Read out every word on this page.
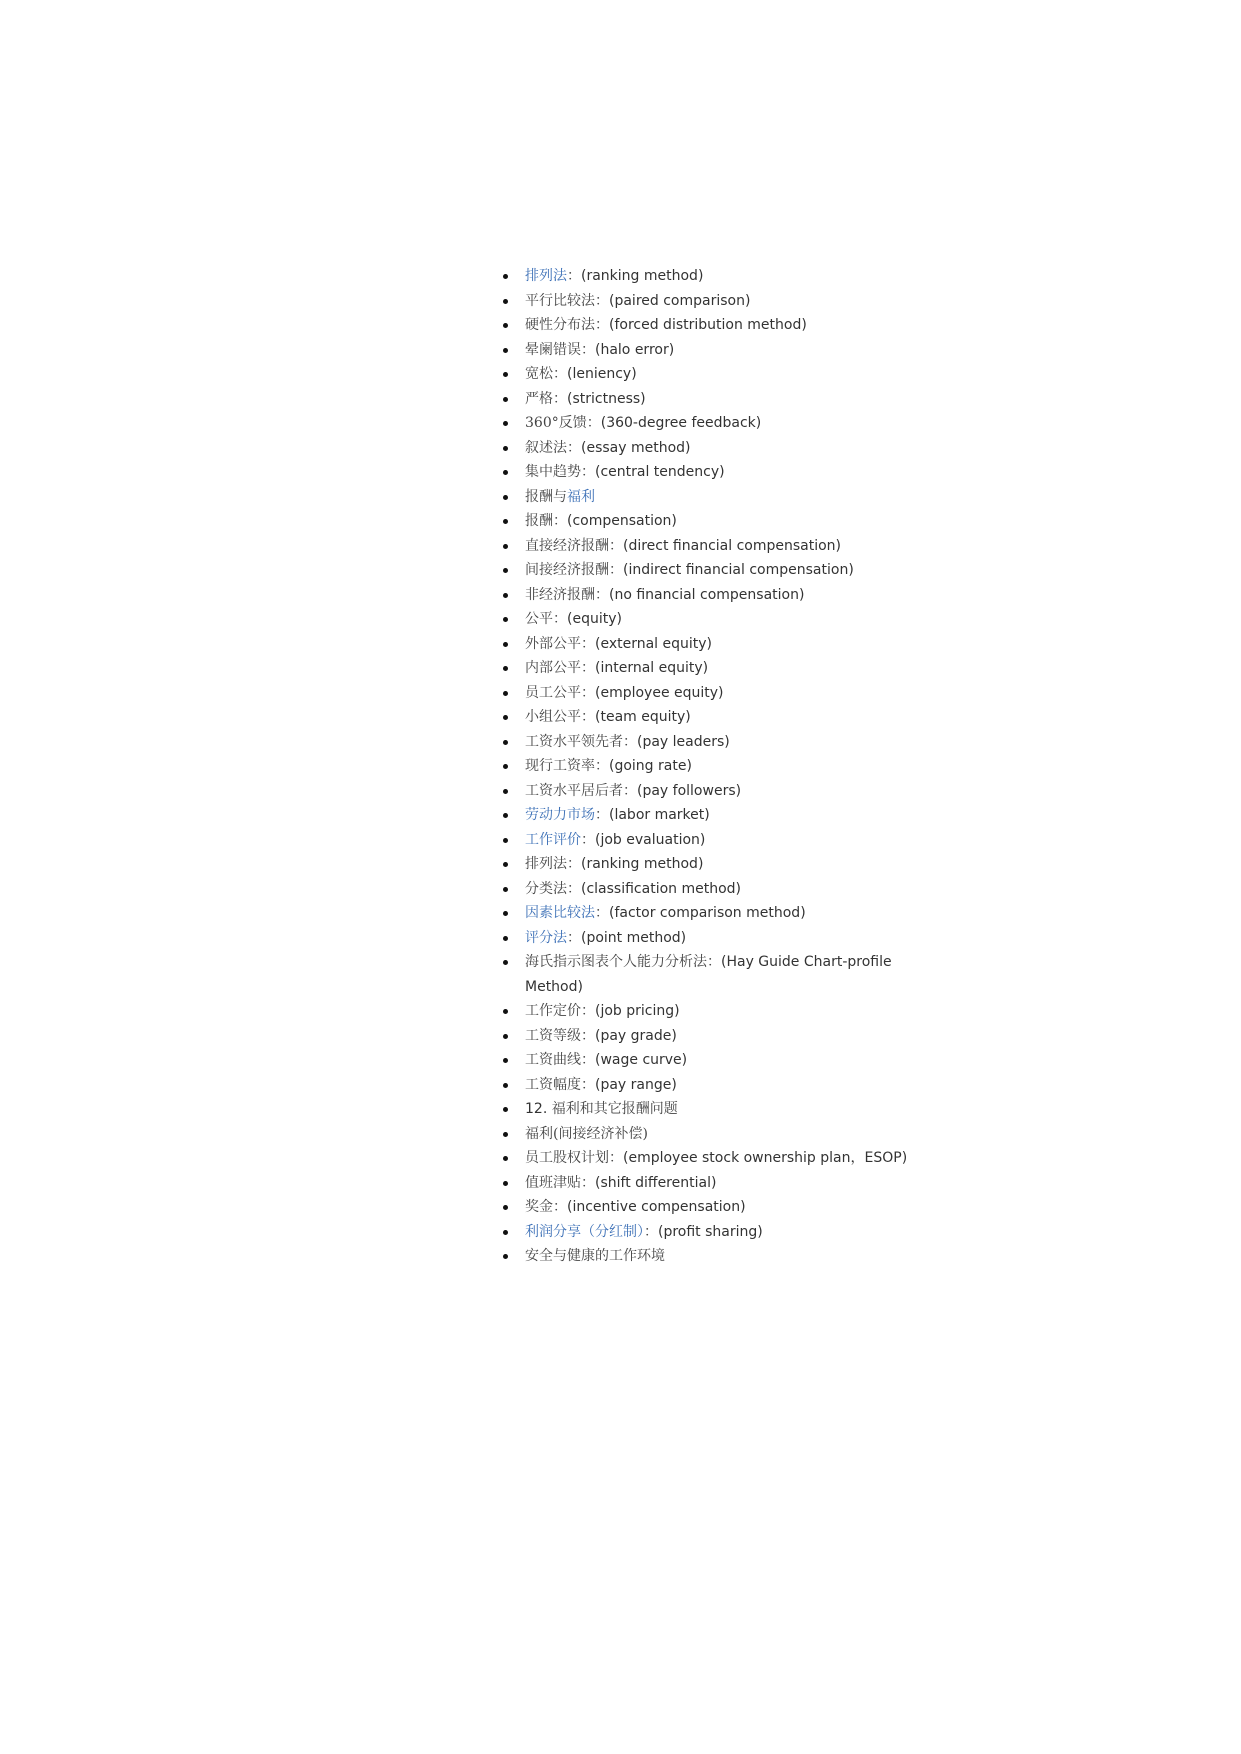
排列法：(ranking method)
平行比较法：(paired comparison)
硬性分布法：(forced distribution method)
晕阑错误：(halo error)
宽松：(leniency)
严格：(strictness)
360°反馈：(360-degree feedback)
叙述法：(essay method)
集中趋势：(central tendency)
报酬与福利
报酬：(compensation)
直接经济报酬：(direct financial compensation)
间接经济报酬：(indirect financial compensation)
非经济报酬：(no financial compensation)
公平：(equity)
外部公平：(external equity)
内部公平：(internal equity)
员工公平：(employee equity)
小组公平：(team equity)
工资水平领先者：(pay leaders)
现行工资率：(going rate)
工资水平居后者：(pay followers)
劳动力市场：(labor market)
工作评价：(job evaluation)
排列法：(ranking method)
分类法：(classification method)
因素比较法：(factor comparison method)
评分法：(point method)
海氏指示图表个人能力分析法：(Hay Guide Chart-profile Method)
工作定价：(job pricing)
工资等级：(pay grade)
工资曲线：(wage curve)
工资幅度：(pay range)
12. 福利和其它报酬问题
福利(间接经济补偿)
员工股权计划：(employee stock ownership plan，ESOP)
值班津贴：(shift differential)
奖金：(incentive compensation)
利润分享（分红制）：(profit sharing)
安全与健康的工作环境
